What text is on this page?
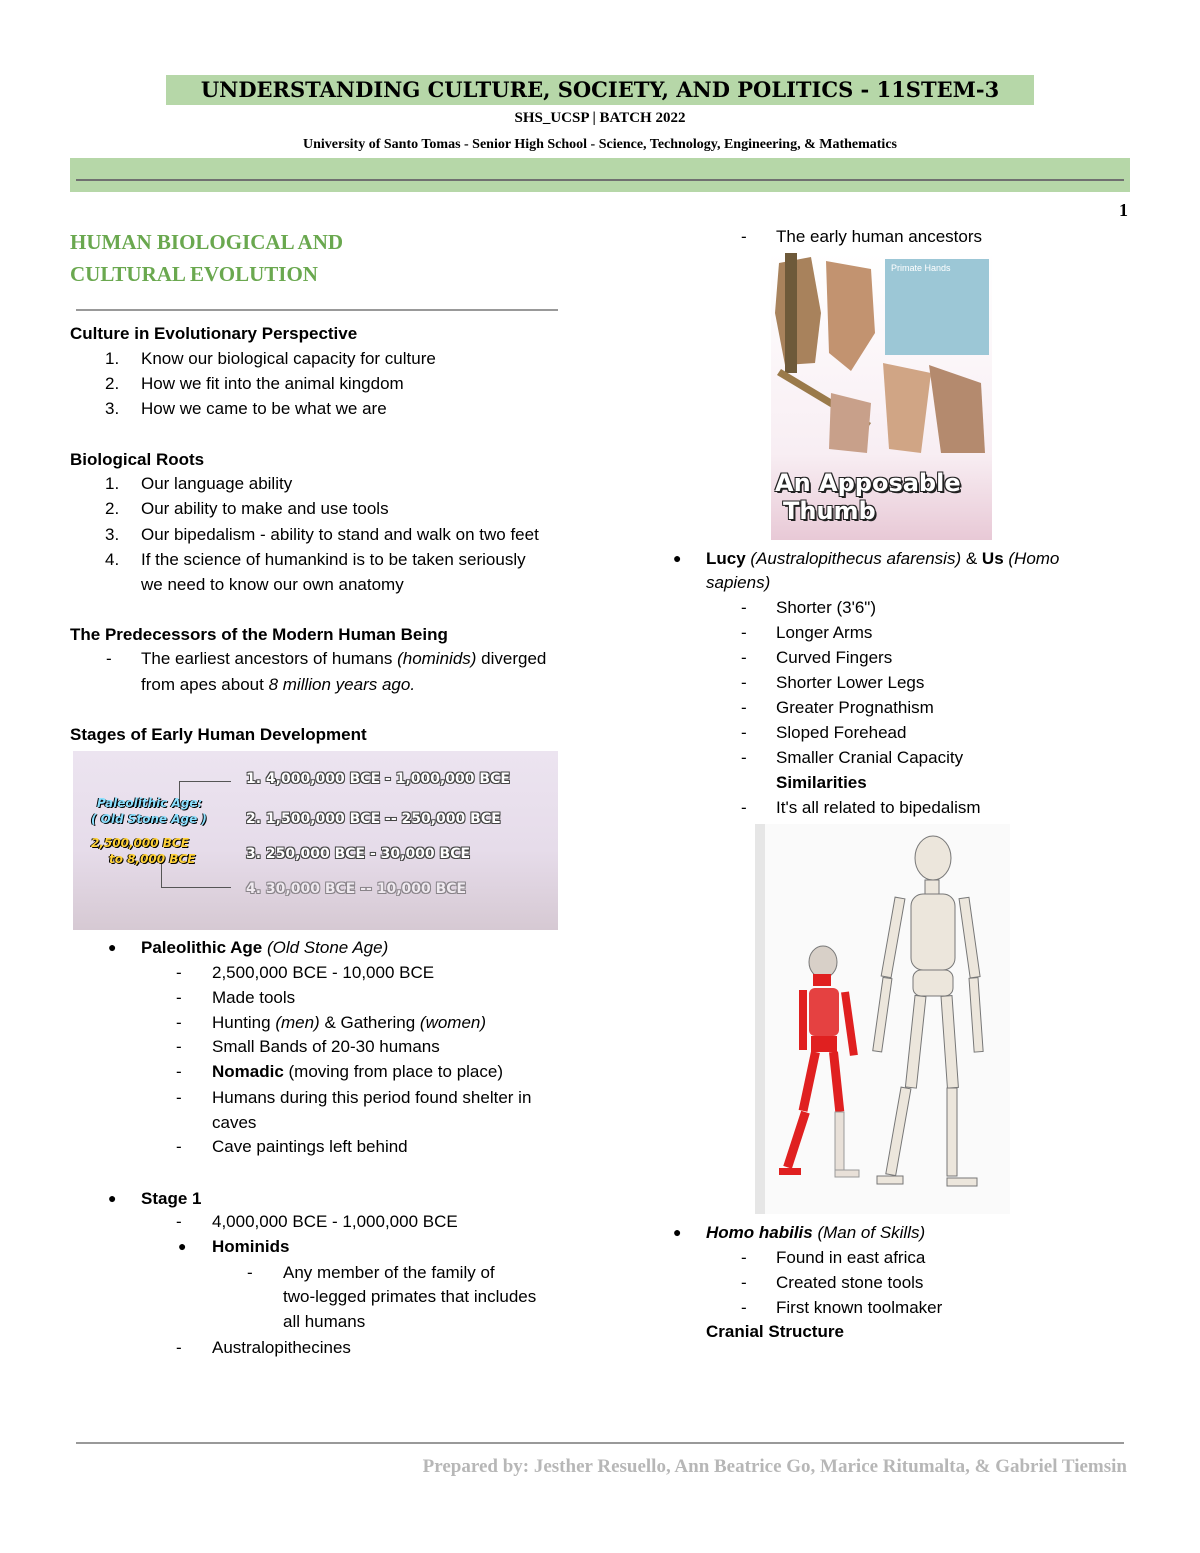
UNDERSTANDING CULTURE, SOCIETY, AND POLITICS - 11STEM-3
SHS_UCSP | BATCH 2022
University of Santo Tomas - Senior High School - Science, Technology, Engineering, & Mathematics
1
HUMAN BIOLOGICAL AND
CULTURAL EVOLUTION
Culture in Evolutionary Perspective
1. Know our biological capacity for culture
2. How we fit into the animal kingdom
3. How we came to be what we are
Biological Roots
1. Our language ability
2. Our ability to make and use tools
3. Our bipedalism - ability to stand and walk on two feet
4. If the science of humankind is to be taken seriously
we need to know our own anatomy
The Predecessors of the Modern Human Being
- The earliest ancestors of humans (hominids) diverged
from apes about 8 million years ago.
Stages of Early Human Development
Paleolithic Age:
( Old Stone Age )
2,500,000 BCE
to 8,000 BCE
1. 4,000,000 BCE - 1,000,000 BCE
2. 1,500,000 BCE -- 250,000 BCE
3. 250,000 BCE - 30,000 BCE
4. 30,000 BCE -- 10,000 BCE
● Paleolithic Age (Old Stone Age)
- 2,500,000 BCE - 10,000 BCE
- Made tools
- Hunting (men) & Gathering (women)
- Small Bands of 20-30 humans
- Nomadic (moving from place to place)
- Humans during this period found shelter in
caves
- Cave paintings left behind
● Stage 1
- 4,000,000 BCE - 1,000,000 BCE
● Hominids
- Any member of the family of
two-legged primates that includes
all humans
- Australopithecines
- The early human ancestors
Primate Hands
An Apposable
Thumb
● Lucy (Australopithecus afarensis) & Us (Homo
sapiens)
- Shorter (3'6")
- Longer Arms
- Curved Fingers
- Shorter Lower Legs
- Greater Prognathism
- Sloped Forehead
- Smaller Cranial Capacity
Similarities
- It's all related to bipedalism
● Homo habilis (Man of Skills)
- Found in east africa
- Created stone tools
- First known toolmaker
Cranial Structure
Prepared by: Jesther Resuello, Ann Beatrice Go, Marice Ritumalta, & Gabriel Tiemsin
